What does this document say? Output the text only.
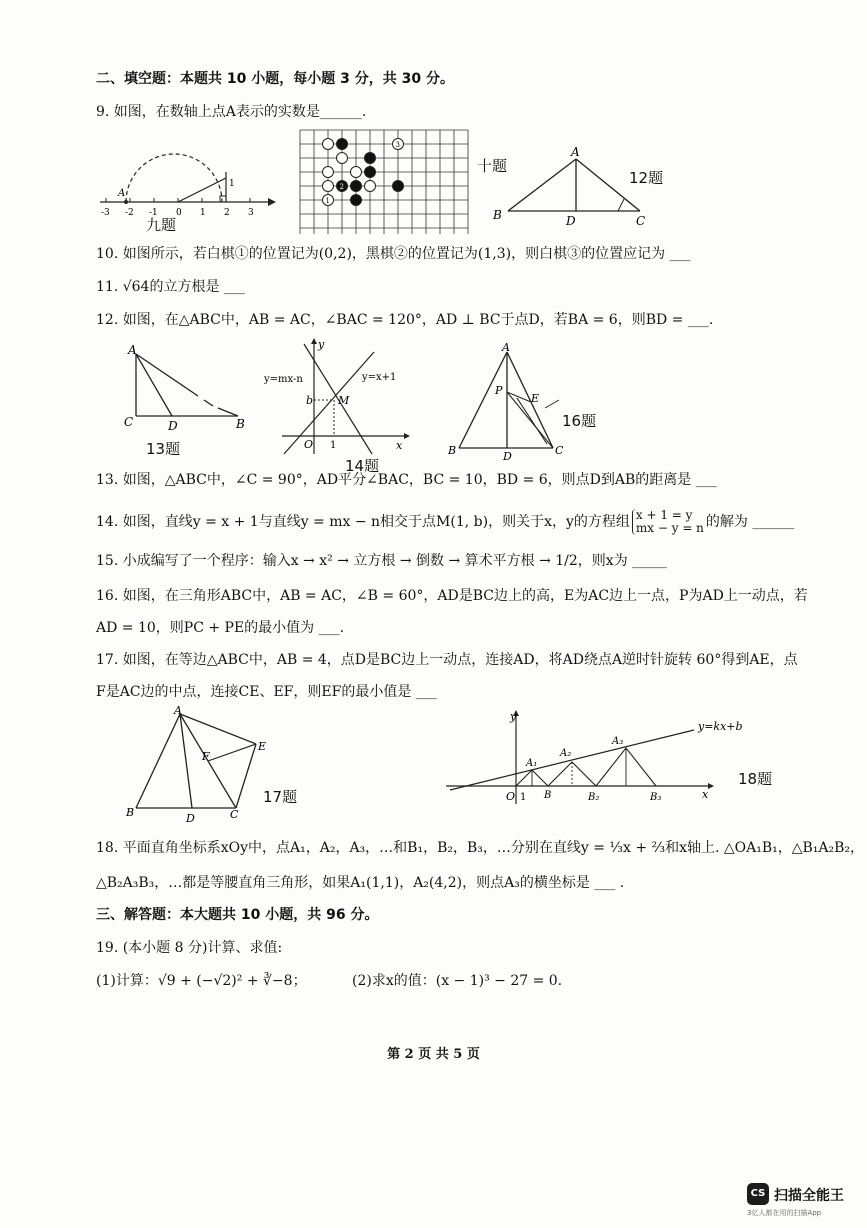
二、填空题：本题共 10 小题，每小题 3 分，共 30 分。
9. 如图，在数轴上点A表示的实数是______.
-3 -2 -1 0 1 2 3
A
1
九题
1
2
3
十题
A
B	D	C
12题
10. 如图所示，若白棋①的位置记为(0,2)，黑棋②的位置记为(1,3)，则白棋③的位置应记为 ___
11. √64的立方根是 ___
12. 如图，在△ABC中，AB = AC，∠BAC = 120°，AD ⊥ BC于点D，若BA = 6，则BD = ___.
A
C	D	B
13题
y
x
O 1
b M
y=mx-n	y=x+1
14题
A
P
E
B	D	C
16题
13. 如图，△ABC中，∠C = 90°，AD平分∠BAC，BC = 10，BD = 6，则点D到AB的距离是 ___
14. 如图，直线y = x + 1与直线y = mx − n相交于点M(1, b)，则关于x，y的方程组 x + 1 = y
mx − y = n 的解为 ______
15. 小成编写了一个程序：输入x → x² → 立方根 → 倒数 → 算术平方根 → 1/2，则x为 _____
16. 如图，在三角形ABC中，AB = AC，∠B = 60°，AD是BC边上的高，E为AC边上一点，P为AD上一动点，若
AD = 10，则PC + PE的最小值为 ___.
17. 如图，在等边△ABC中，AB = 4，点D是BC边上一动点，连接AD，将AD绕点A逆时针旋转 60°得到AE，点
F是AC边的中点，连接CE、EF，则EF的最小值是 ___
A
F
E
B	D	C
17题
y
x
O 1
A₁
A₂
A₃
B	B₂	B₃
y=kx+b
18题
18. 平面直角坐标系xOy中，点A₁，A₂，A₃，…和B₁，B₂，B₃，…分别在直线y = ⅓x + ⅔和x轴上. △OA₁B₁，△B₁A₂B₂，
△B₂A₃B₃，…都是等腰直角三角形，如果A₁(1,1)，A₂(4,2)，则点A₃的横坐标是 ___ .
三、解答题：本大题共 10 小题，共 96 分。
19. (本小题 8 分)计算、求值:
(1)计算：√9 + (−√2)² + ∛−8；	(2)求x的值：(x − 1)³ − 27 = 0.
第 2 页 共 5 页
CS 扫描全能王
3亿人都在用的扫描App
